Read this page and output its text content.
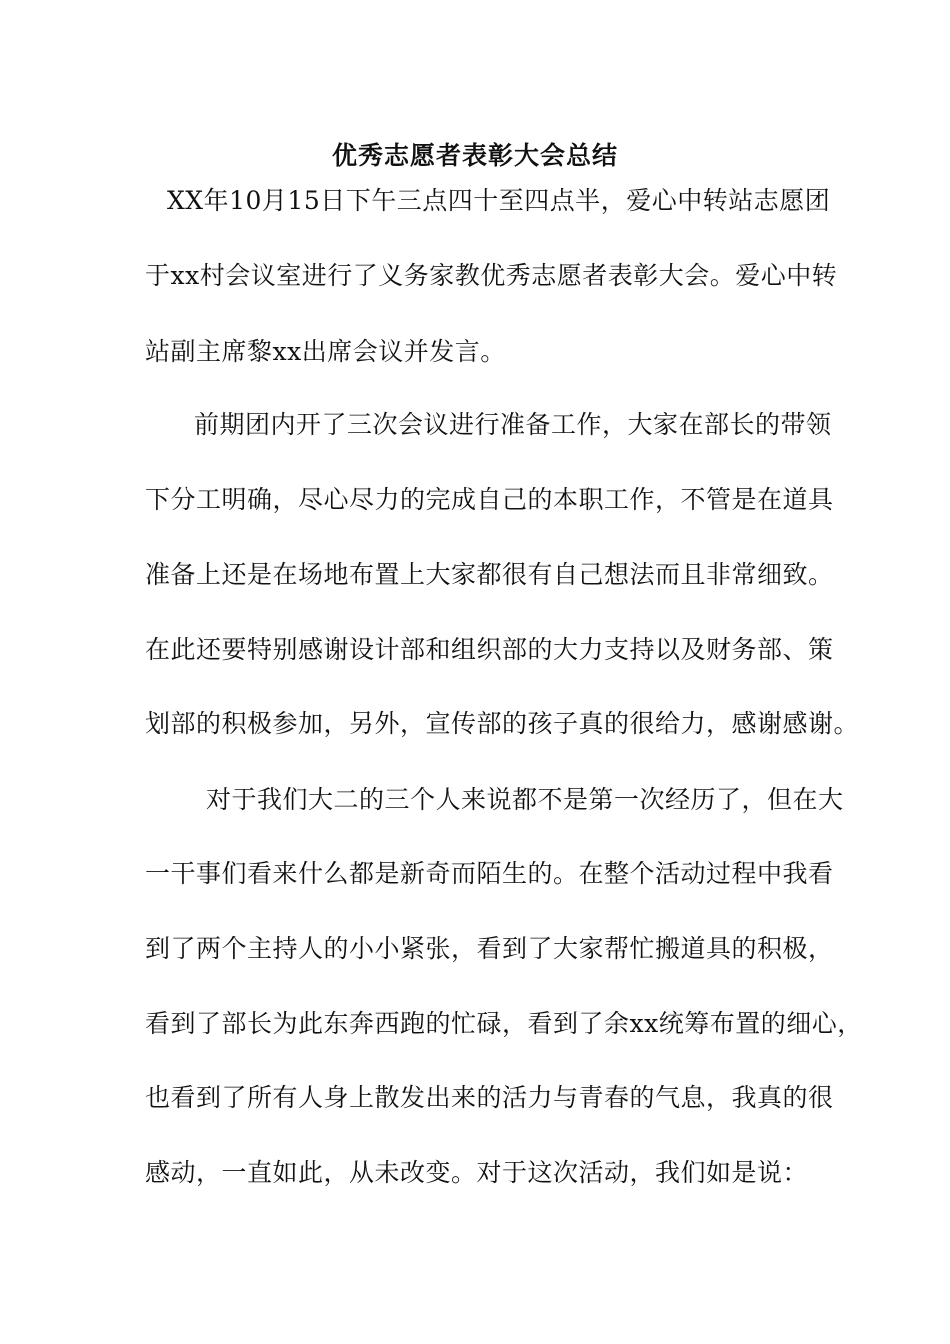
优秀志愿者表彰大会总结
XX年10月15日下午三点四十至四点半，爱心中转站志愿团
于xx村会议室进行了义务家教优秀志愿者表彰大会。爱心中转
站副主席黎xx出席会议并发言。
前期团内开了三次会议进行准备工作，大家在部长的带领
下分工明确，尽心尽力的完成自己的本职工作，不管是在道具
准备上还是在场地布置上大家都很有自己想法而且非常细致。
在此还要特别感谢设计部和组织部的大力支持以及财务部、策
划部的积极参加，另外，宣传部的孩子真的很给力，感谢感谢。
对于我们大二的三个人来说都不是第一次经历了，但在大
一干事们看来什么都是新奇而陌生的。在整个活动过程中我看
到了两个主持人的小小紧张，看到了大家帮忙搬道具的积极，
看到了部长为此东奔西跑的忙碌，看到了余xx统筹布置的细心，
也看到了所有人身上散发出来的活力与青春的气息，我真的很
感动，一直如此，从未改变。对于这次活动，我们如是说：
